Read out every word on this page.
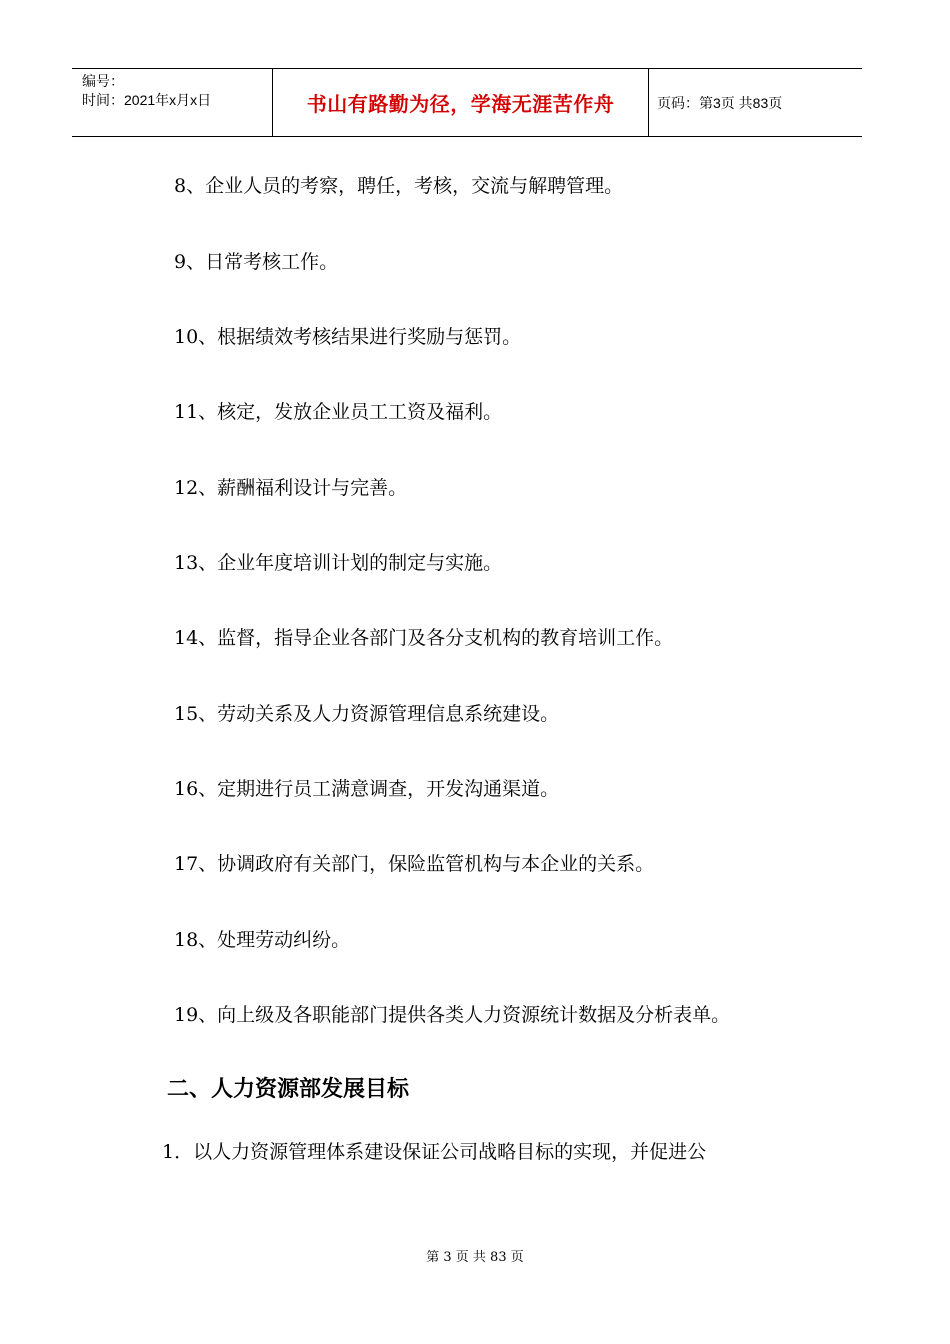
编号：
时间：2021年x月x日	书山有路勤为径，学海无涯苦作舟	页码：第3页 共83页
8、企业人员的考察，聘任，考核，交流与解聘管理。
9、日常考核工作。
10、根据绩效考核结果进行奖励与惩罚。
11、核定，发放企业员工工资及福利。
12、薪酬福利设计与完善。
13、企业年度培训计划的制定与实施。
14、监督，指导企业各部门及各分支机构的教育培训工作。
15、劳动关系及人力资源管理信息系统建设。
16、定期进行员工满意调查，开发沟通渠道。
17、协调政府有关部门，保险监管机构与本企业的关系。
18、处理劳动纠纷。
19、向上级及各职能部门提供各类人力资源统计数据及分析表单。
二、人力资源部发展目标
1．以人力资源管理体系建设保证公司战略目标的实现，并促进公
第 3 页 共 83 页
